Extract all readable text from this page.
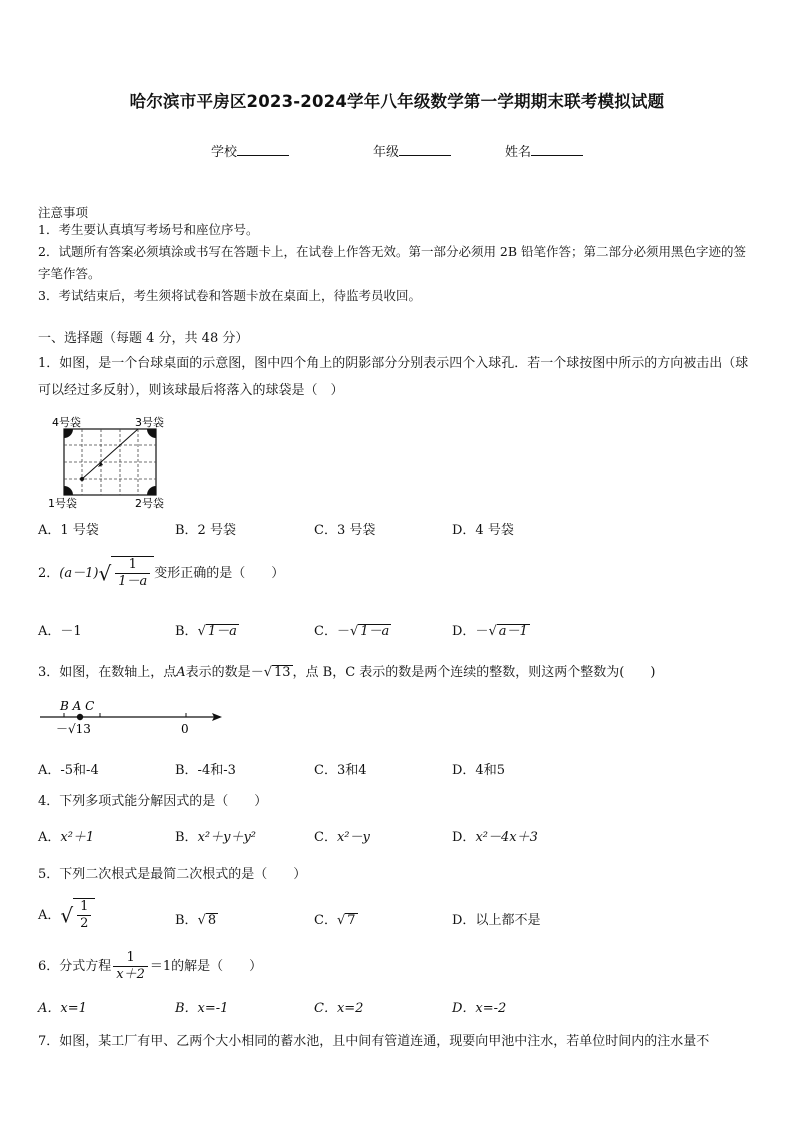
哈尔滨市平房区2023-2024学年八年级数学第一学期期末联考模拟试题
学校	年级	姓名
注意事项
1．考生要认真填写考场号和座位序号。
2．试题所有答案必须填涂或书写在答题卡上，在试卷上作答无效。第一部分必须用 2B 铅笔作答；第二部分必须用黑色字迹的签字笔作答。
3．考试结束后，考生须将试卷和答题卡放在桌面上，待监考员收回。
一、选择题（每题 4 分，共 48 分）
1．如图，是一个台球桌面的示意图，图中四个角上的阴影部分分别表示四个入球孔．若一个球按图中所示的方向被击出（球可以经过多反射），则该球最后将落入的球袋是（　）
4号袋	3号袋
1号袋	2号袋
A．1 号袋	B．2 号袋	C．3 号袋	D．4 号袋
2．$(a-1)√ \frac{1}{1-a}$ 变形正确的是（　　）
A．－1	B．√ 1－a	C．－√ 1－a	D．－√ a－1
3．如图，在数轴上，点A表示的数是－√ 13 ，点 B，C 表示的数是两个连续的整数，则这两个整数为(　　)
B A C
－√13	0
A．-5和-4	B．-4和-3	C．3和4	D．4和5
4．下列多项式能分解因式的是（　　）
A．x²＋1	B．x²＋y＋y²	C．x²－y	D．x²－4x＋3
5．下列二次根式是最简二次根式的是（　　）
A．√ $\frac{1}{2}$	B．√ 8	C．√ 7	D．以上都不是
6．分式方程 $\frac{1}{x+2} =1$的解是（　　）
A．x=1	B．x=-1	C．x=2	D．x=-2
7．如图，某工厂有甲、乙两个大小相同的蓄水池，且中间有管道连通，现要向甲池中注水，若单位时间内的注水量不
